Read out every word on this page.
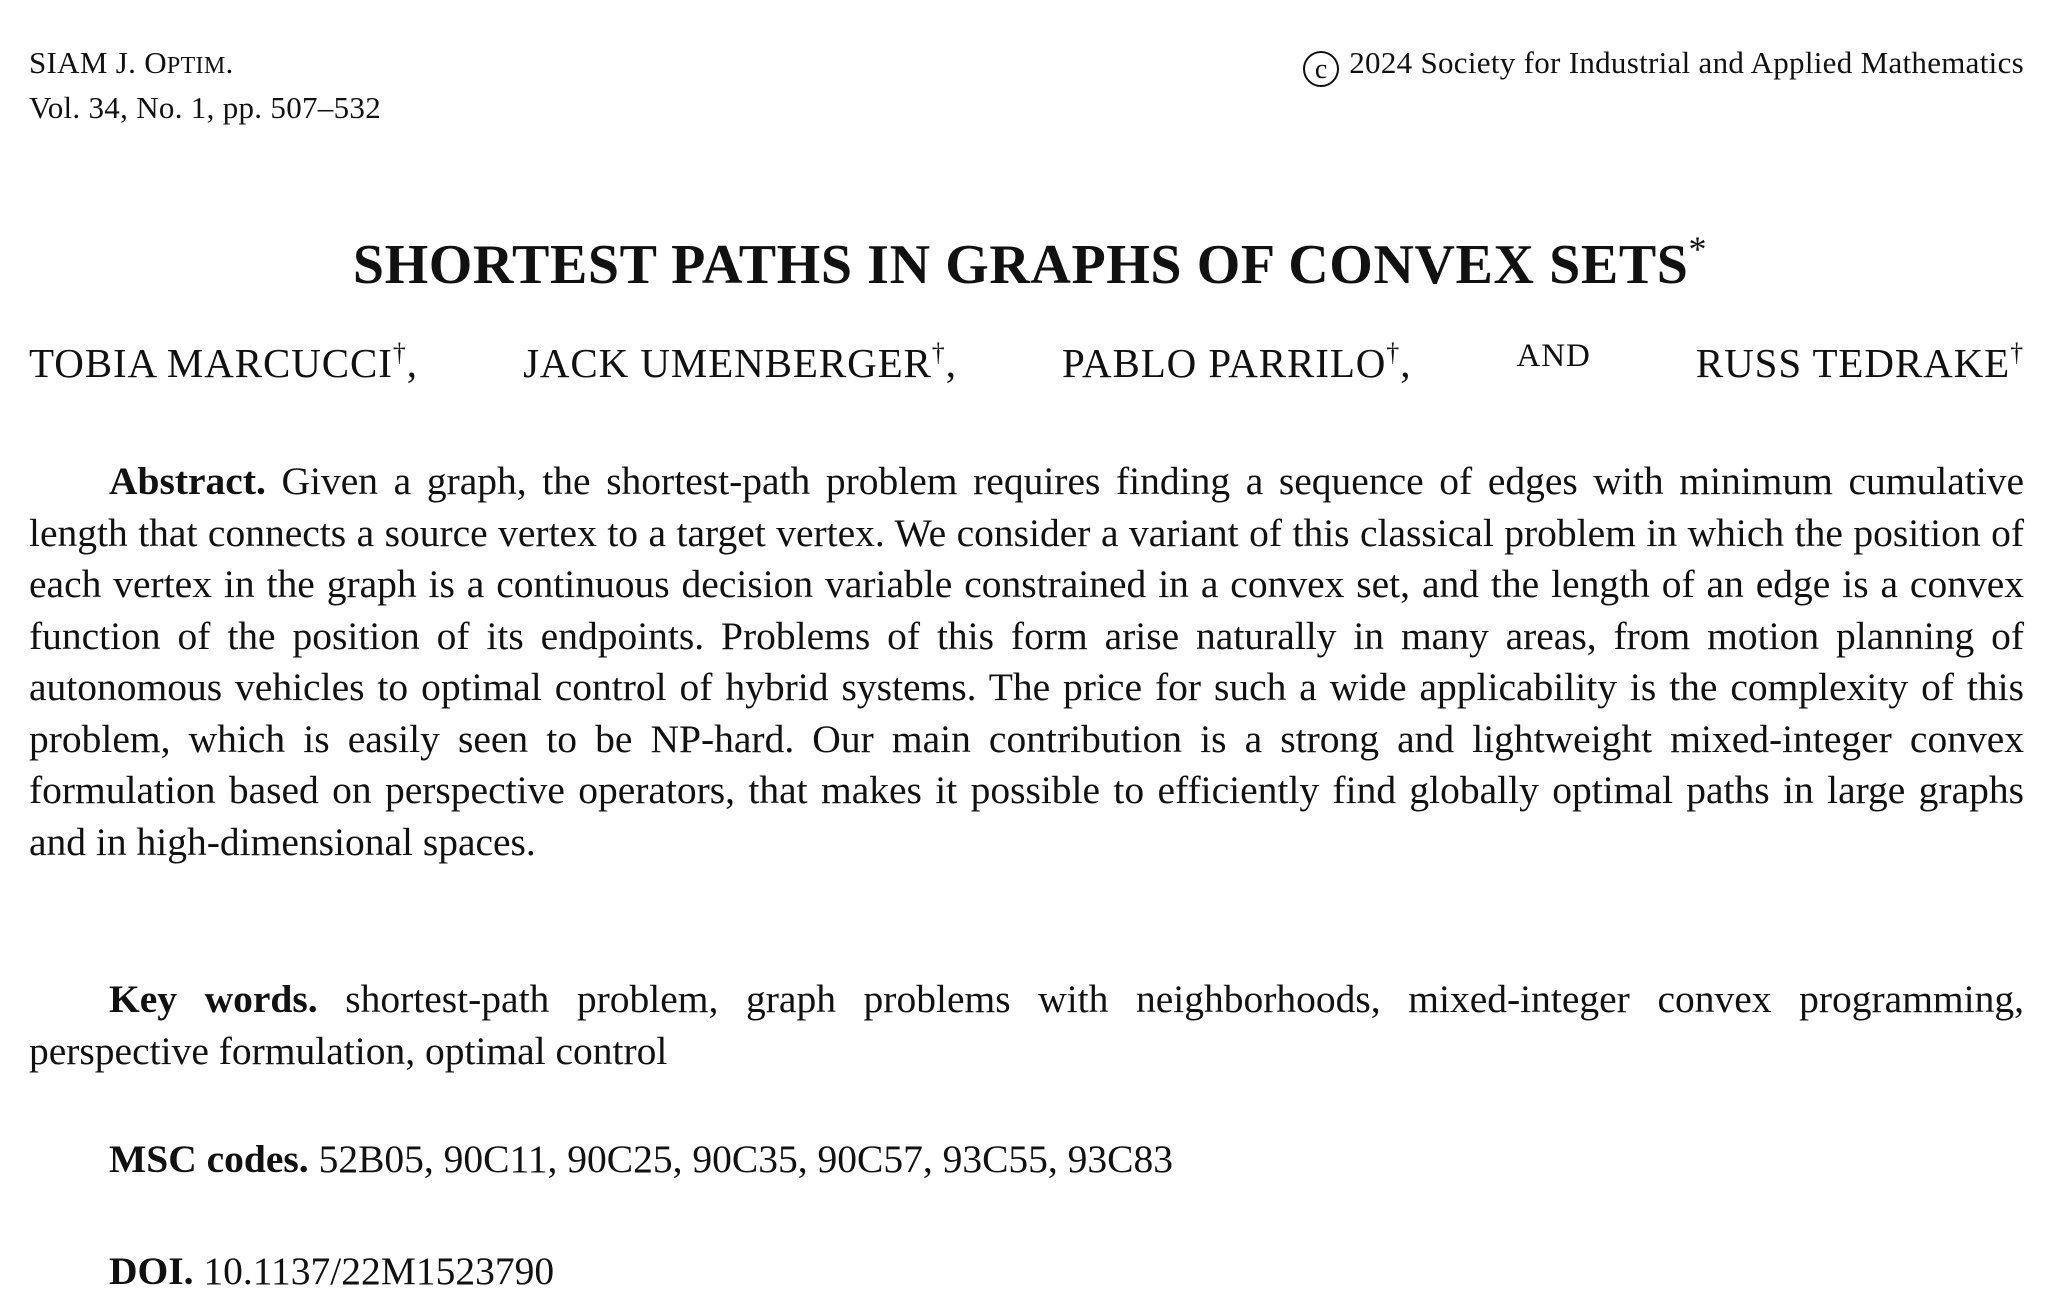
SIAM J. OPTIM.
Vol. 34, No. 1, pp. 507–532
c 2024 Society for Industrial and Applied Mathematics
SHORTEST PATHS IN GRAPHS OF CONVEX SETS*
TOBIA MARCUCCI†,	JACK UMENBERGER†,	PABLO PARRILO†,	AND	RUSS TEDRAKE†
Abstract. Given a graph, the shortest-path problem requires finding a sequence of edges with minimum cumulative length that connects a source vertex to a target vertex. We consider a variant of this classical problem in which the position of each vertex in the graph is a continuous decision variable constrained in a convex set, and the length of an edge is a convex function of the position of its endpoints. Problems of this form arise naturally in many areas, from motion planning of autonomous vehicles to optimal control of hybrid systems. The price for such a wide applicability is the complexity of this problem, which is easily seen to be NP-hard. Our main contribution is a strong and lightweight mixed-integer convex formulation based on perspective operators, that makes it possible to efficiently find globally optimal paths in large graphs and in high-dimensional spaces.
Key words. shortest-path problem, graph problems with neighborhoods, mixed-integer convex programming, perspective formulation, optimal control
MSC codes. 52B05, 90C11, 90C25, 90C35, 90C57, 93C55, 93C83
DOI. 10.1137/22M1523790
